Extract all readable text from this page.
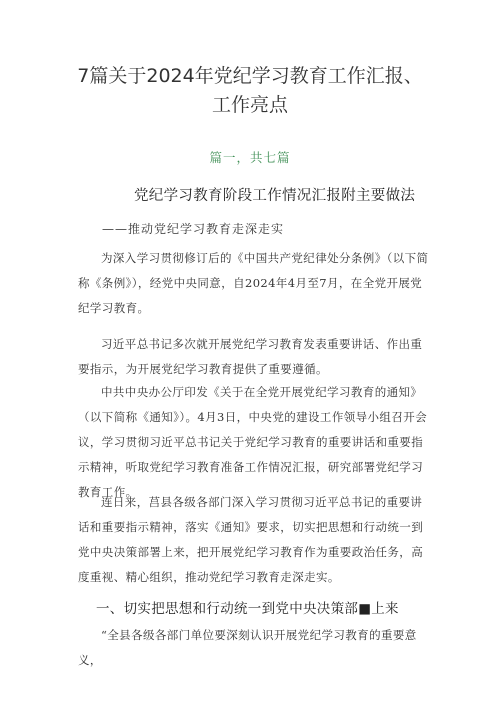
7篇关于2024年党纪学习教育工作汇报、
工作亮点
篇一，共七篇
党纪学习教育阶段工作情况汇报附主要做法
——推动党纪学习教育走深走实

为深入学习贯彻修订后的《中国共产党纪律处分条例》（以下简称《条例》），经党中央同意，自2024年4月至7月，在全党开展党纪学习教育。

习近平总书记多次就开展党纪学习教育发表重要讲话、作出重要指示，为开展党纪学习教育提供了重要遵循。

中共中央办公厅印发《关于在全党开展党纪学习教育的通知》（以下简称《通知》）。4月3日，中央党的建设工作领导小组召开会议，学习贯彻习近平总书记关于党纪学习教育的重要讲话和重要指示精神，听取党纪学习教育准备工作情况汇报，研究部署党纪学习教育工作。

连日来，莒县各级各部门深入学习贯彻习近平总书记的重要讲话和重要指示精神，落实《通知》要求，切实把思想和行动统一到党中央决策部署上来，把开展党纪学习教育作为重要政治任务，高度重视、精心组织，推动党纪学习教育走深走实。

一、切实把思想和行动统一到党中央决策部■上来

“全县各级各部门单位要深刻认识开展党纪学习教育的重要意义，
